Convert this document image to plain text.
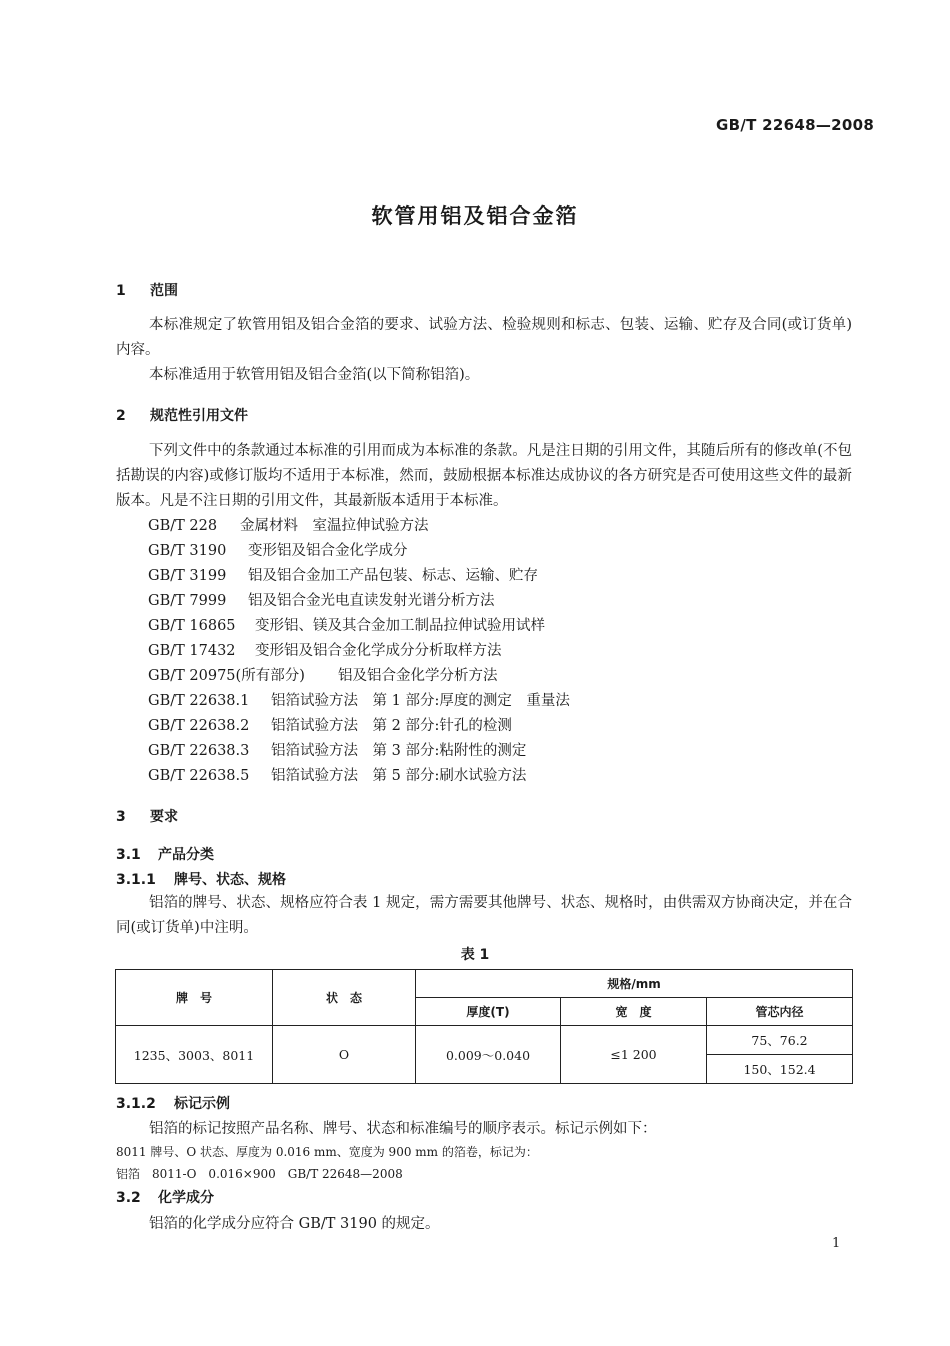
GB/T 22648—2008
软管用铝及铝合金箔
1 范围

本标准规定了软管用铝及铝合金箔的要求、试验方法、检验规则和标志、包装、运输、贮存及合同(或订货单)内容。

本标准适用于软管用铝及铝合金箔(以下简称铝箔)。

2 规范性引用文件

下列文件中的条款通过本标准的引用而成为本标准的条款。凡是注日期的引用文件，其随后所有的修改单(不包括勘误的内容)或修订版均不适用于本标准，然而，鼓励根据本标准达成协议的各方研究是否可使用这些文件的最新版本。凡是不注日期的引用文件，其最新版本适用于本标准。

GB/T 228 金属材料　室温拉伸试验方法
GB/T 3190 变形铝及铝合金化学成分
GB/T 3199 铝及铝合金加工产品包装、标志、运输、贮存
GB/T 7999 铝及铝合金光电直读发射光谱分析方法
GB/T 16865 变形铝、镁及其合金加工制品拉伸试验用试样
GB/T 17432 变形铝及铝合金化学成分分析取样方法
GB/T 20975(所有部分) 铝及铝合金化学分析方法
GB/T 22638.1 铝箔试验方法　第 1 部分:厚度的测定　重量法
GB/T 22638.2 铝箔试验方法　第 2 部分:针孔的检测
GB/T 22638.3 铝箔试验方法　第 3 部分:粘附性的测定
GB/T 22638.5 铝箔试验方法　第 5 部分:刷水试验方法
3 要求
3.1 产品分类
3.1.1 牌号、状态、规格

铝箔的牌号、状态、规格应符合表 1 规定，需方需要其他牌号、状态、规格时，由供需双方协商决定，并在合同(或订货单)中注明。

表 1
牌　号	状　态	规格/mm		
		厚度(T)	宽　度	管芯内径
1235、3003、8011	O	0.009～0.040	≤1 200	75、76.2
				150、152.4
3.1.2 标记示例
铝箔的标记按照产品名称、牌号、状态和标准编号的顺序表示。标记示例如下：
8011 牌号、O 状态、厚度为 0.016 mm、宽度为 900 mm 的箔卷，标记为：
铝箔　8011-O　0.016×900　GB/T 22648—2008
3.2 化学成分
铝箔的化学成分应符合 GB/T 3190 的规定。
1
